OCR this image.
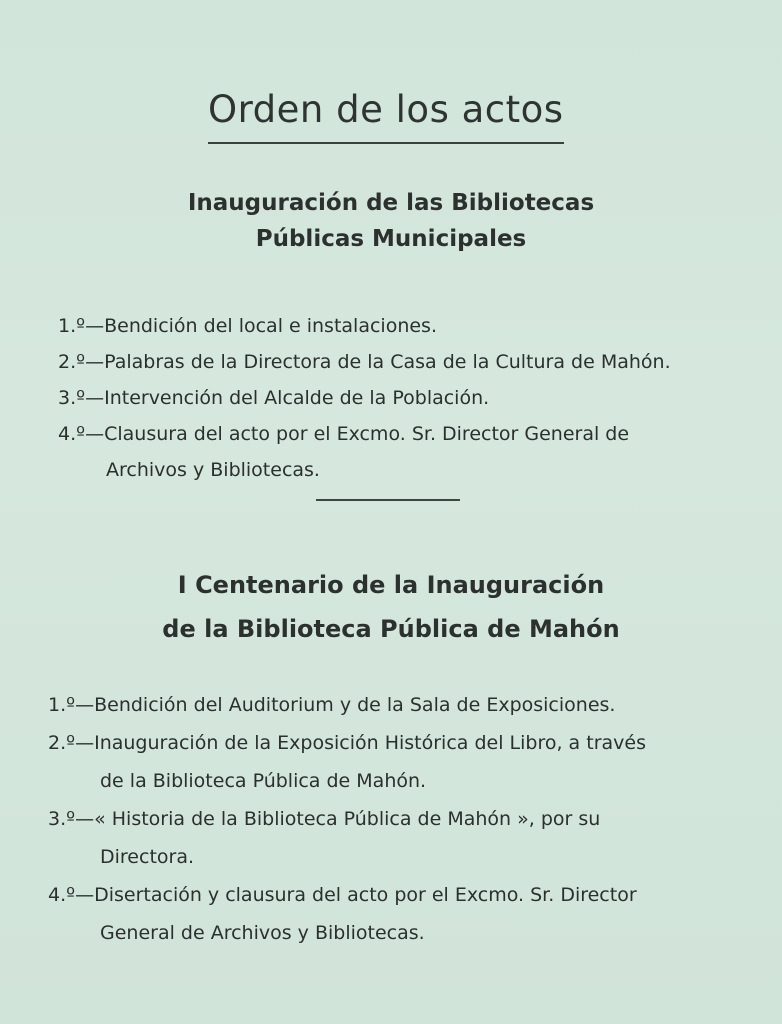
Orden de los actos
Inauguración de las Bibliotecas
Públicas Municipales
1.º—Bendición del local e instalaciones.
2.º—Palabras de la Directora de la Casa de la Cultura de Mahón.
3.º—Intervención del Alcalde de la Población.
4.º—Clausura del acto por el Excmo. Sr. Director General de
Archivos y Bibliotecas.
I Centenario de la Inauguración
de la Biblioteca Pública de Mahón
1.º—Bendición del Auditorium y de la Sala de Exposiciones.
2.º—Inauguración de la Exposición Histórica del Libro, a través
de la Biblioteca Pública de Mahón.
3.º—« Historia de la Biblioteca Pública de Mahón », por su
Directora.
4.º—Disertación y clausura del acto por el Excmo. Sr. Director
General de Archivos y Bibliotecas.
